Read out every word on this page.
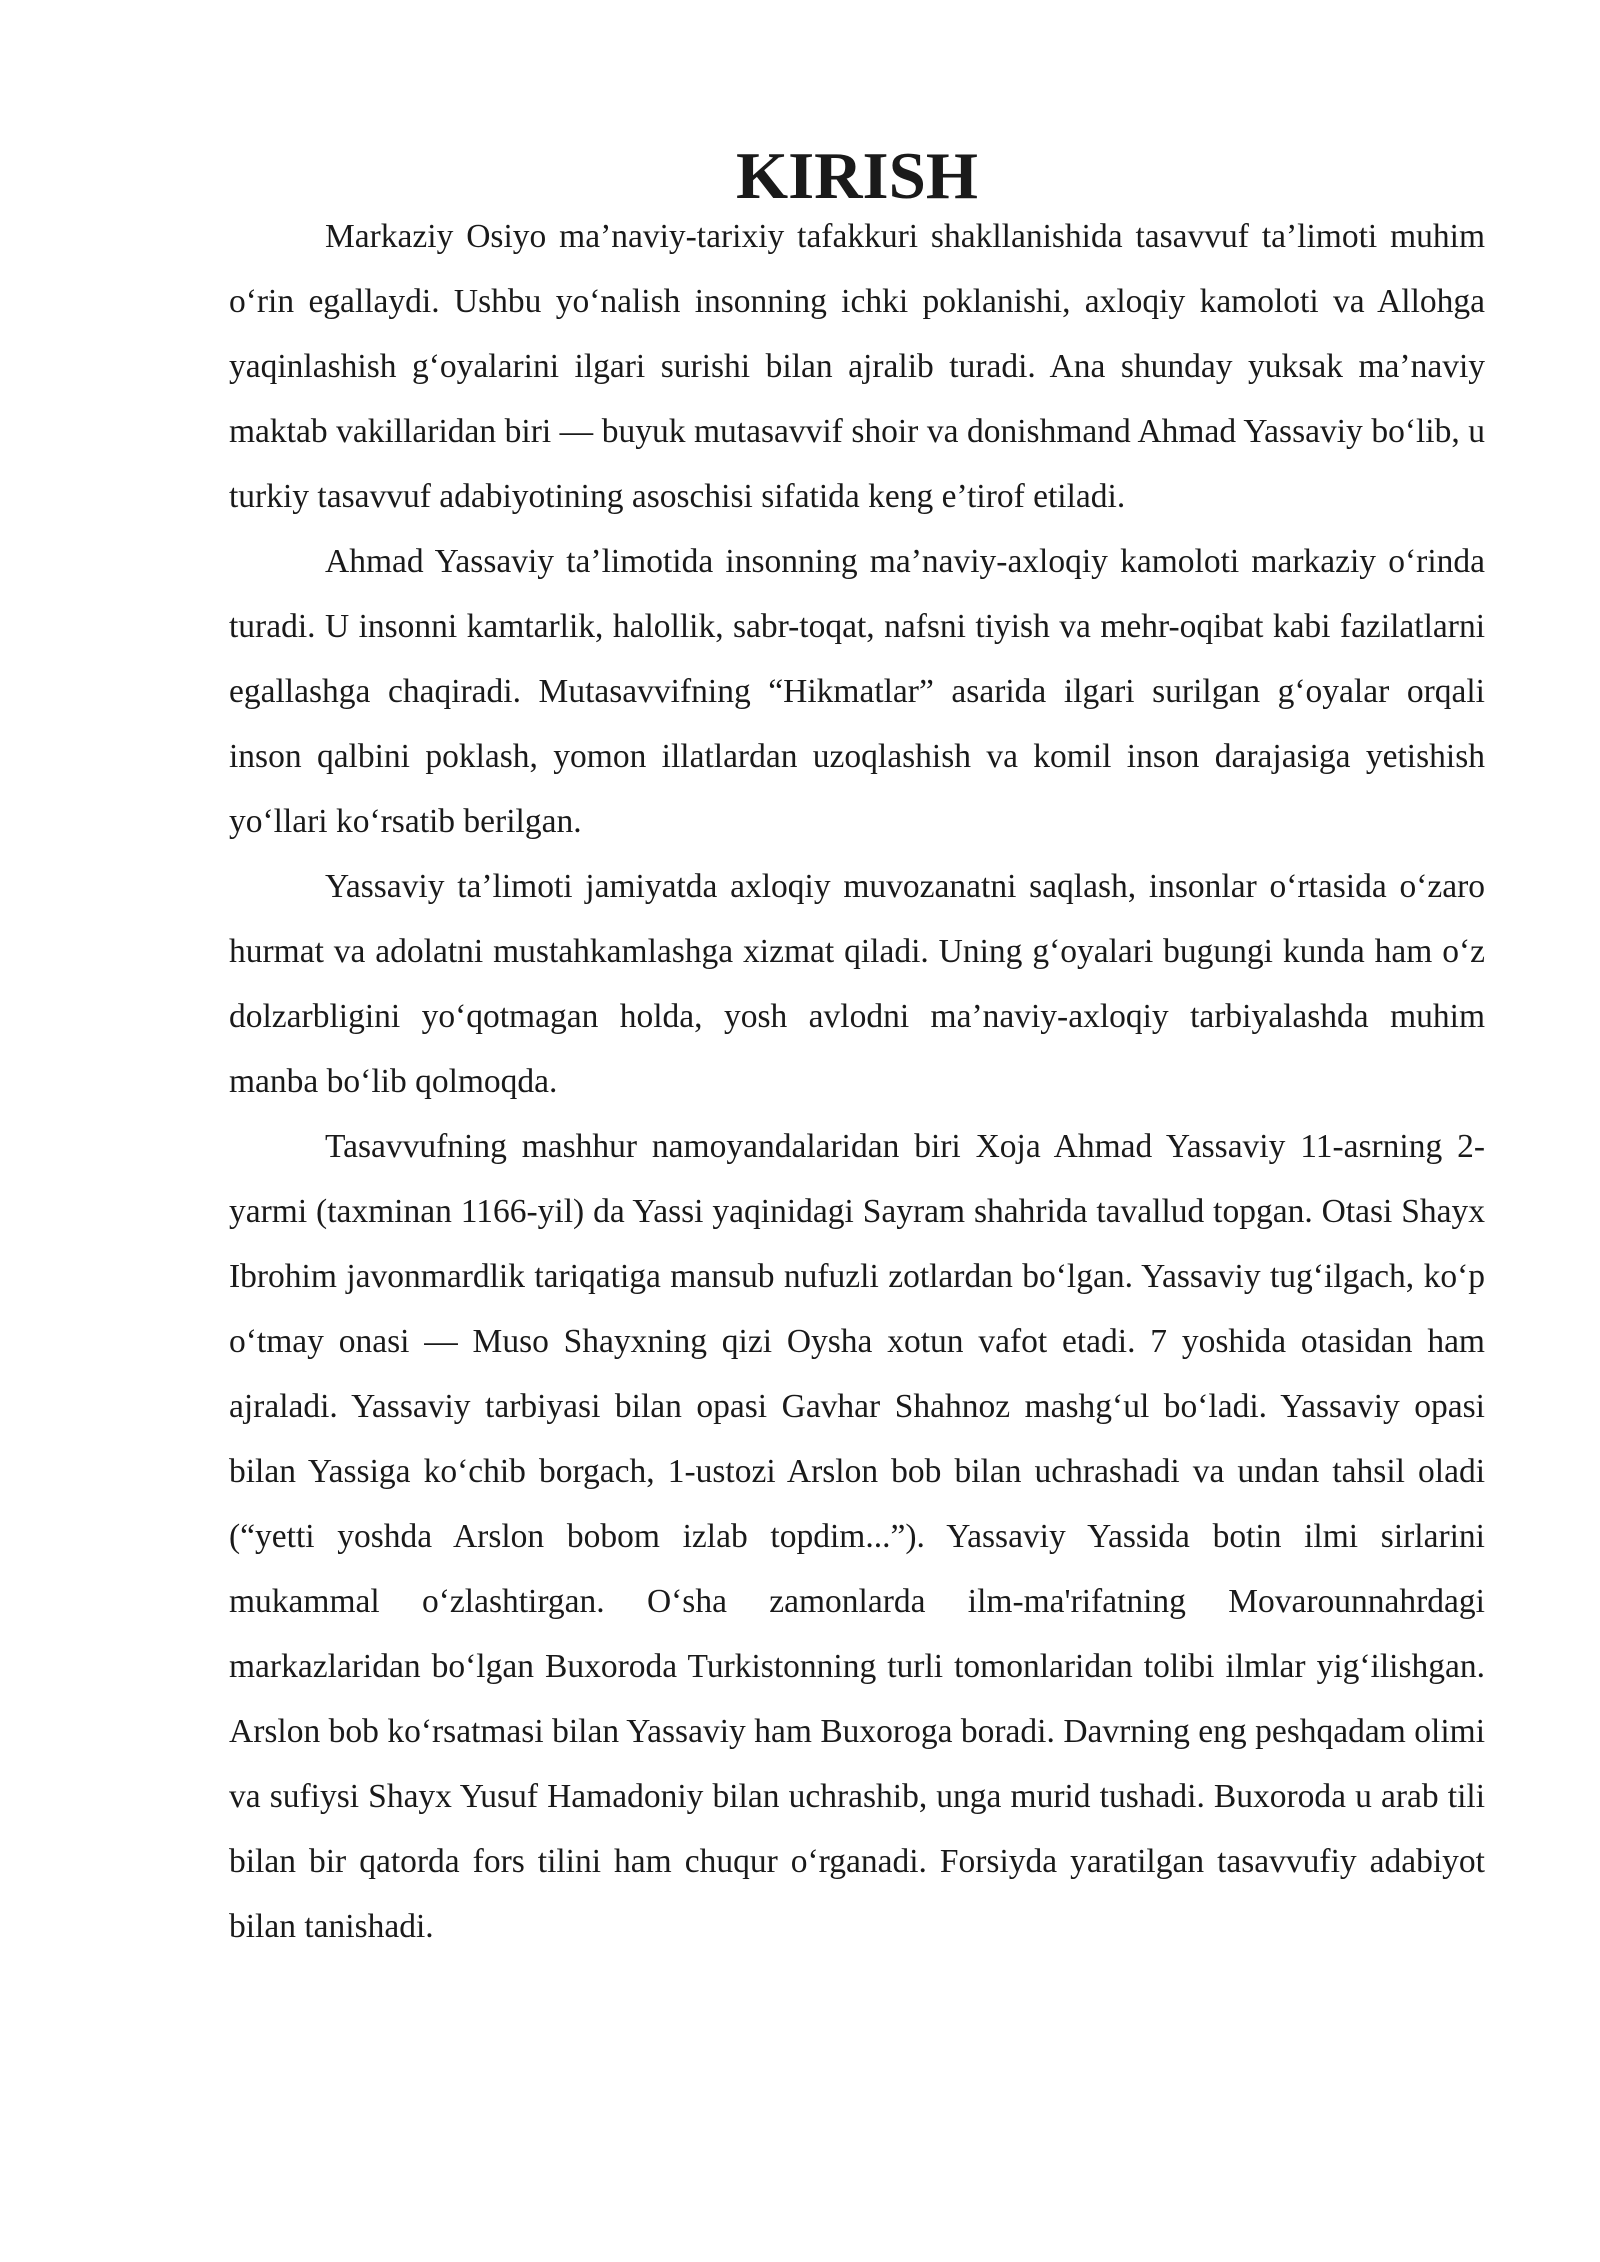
KIRISH

Markaziy Osiyo ma’naviy-tarixiy tafakkuri shakllanishida tasavvuf ta’limoti muhim o‘rin egallaydi. Ushbu yo‘nalish insonning ichki poklanishi, axloqiy kamoloti va Allohga yaqinlashish g‘oyalarini ilgari surishi bilan ajralib turadi. Ana shunday yuksak ma’naviy maktab vakillaridan biri — buyuk mutasavvif shoir va donishmand Ahmad Yassaviy bo‘lib, u turkiy tasavvuf adabiyotining asoschisi sifatida keng e’tirof etiladi.

Ahmad Yassaviy ta’limotida insonning ma’naviy-axloqiy kamoloti markaziy o‘rinda turadi. U insonni kamtarlik, halollik, sabr-toqat, nafsni tiyish va mehr-oqibat kabi fazilatlarni egallashga chaqiradi. Mutasavvifning “Hikmatlar” asarida ilgari surilgan g‘oyalar orqali inson qalbini poklash, yomon illatlardan uzoqlashish va komil inson darajasiga yetishish yo‘llari ko‘rsatib berilgan.

Yassaviy ta’limoti jamiyatda axloqiy muvozanatni saqlash, insonlar o‘rtasida o‘zaro hurmat va adolatni mustahkamlashga xizmat qiladi. Uning g‘oyalari bugungi kunda ham o‘z dolzarbligini yo‘qotmagan holda, yosh avlodni ma’naviy-axloqiy tarbiyalashda muhim manba bo‘lib qolmoqda.

Tasavvufning mashhur namoyandalaridan biri Xoja Ahmad Yassaviy 11-asrning 2-yarmi (taxminan 1166-yil) da Yassi yaqinidagi Sayram shahrida tavallud topgan. Otasi Shayx Ibrohim javonmardlik tariqatiga mansub nufuzli zotlardan bo‘lgan. Yassaviy tug‘ilgach, ko‘p o‘tmay onasi — Muso Shayxning qizi Oysha xotun vafot etadi. 7 yoshida otasidan ham ajraladi. Yassaviy tarbiyasi bilan opasi Gavhar Shahnoz mashg‘ul bo‘ladi. Yassaviy opasi bilan Yassiga ko‘chib borgach, 1-ustozi Arslon bob bilan uchrashadi va undan tahsil oladi (“yetti yoshda Arslon bobom izlab topdim...”). Yassaviy Yassida botin ilmi sirlarini mukammal o‘zlashtirgan. O‘sha zamonlarda ilm-ma'rifatning Movarounnahrdagi markazlaridan bo‘lgan Buxoroda Turkistonning turli tomonlaridan tolibi ilmlar yig‘ilishgan. Arslon bob ko‘rsatmasi bilan Yassaviy ham Buxoroga boradi. Davrning eng peshqadam olimi va sufiysi Shayx Yusuf Hamadoniy bilan uchrashib, unga murid tushadi. Buxoroda u arab tili bilan bir qatorda fors tilini ham chuqur o‘rganadi. Forsiyda yaratilgan tasavvufiy adabiyot bilan tanishadi.
